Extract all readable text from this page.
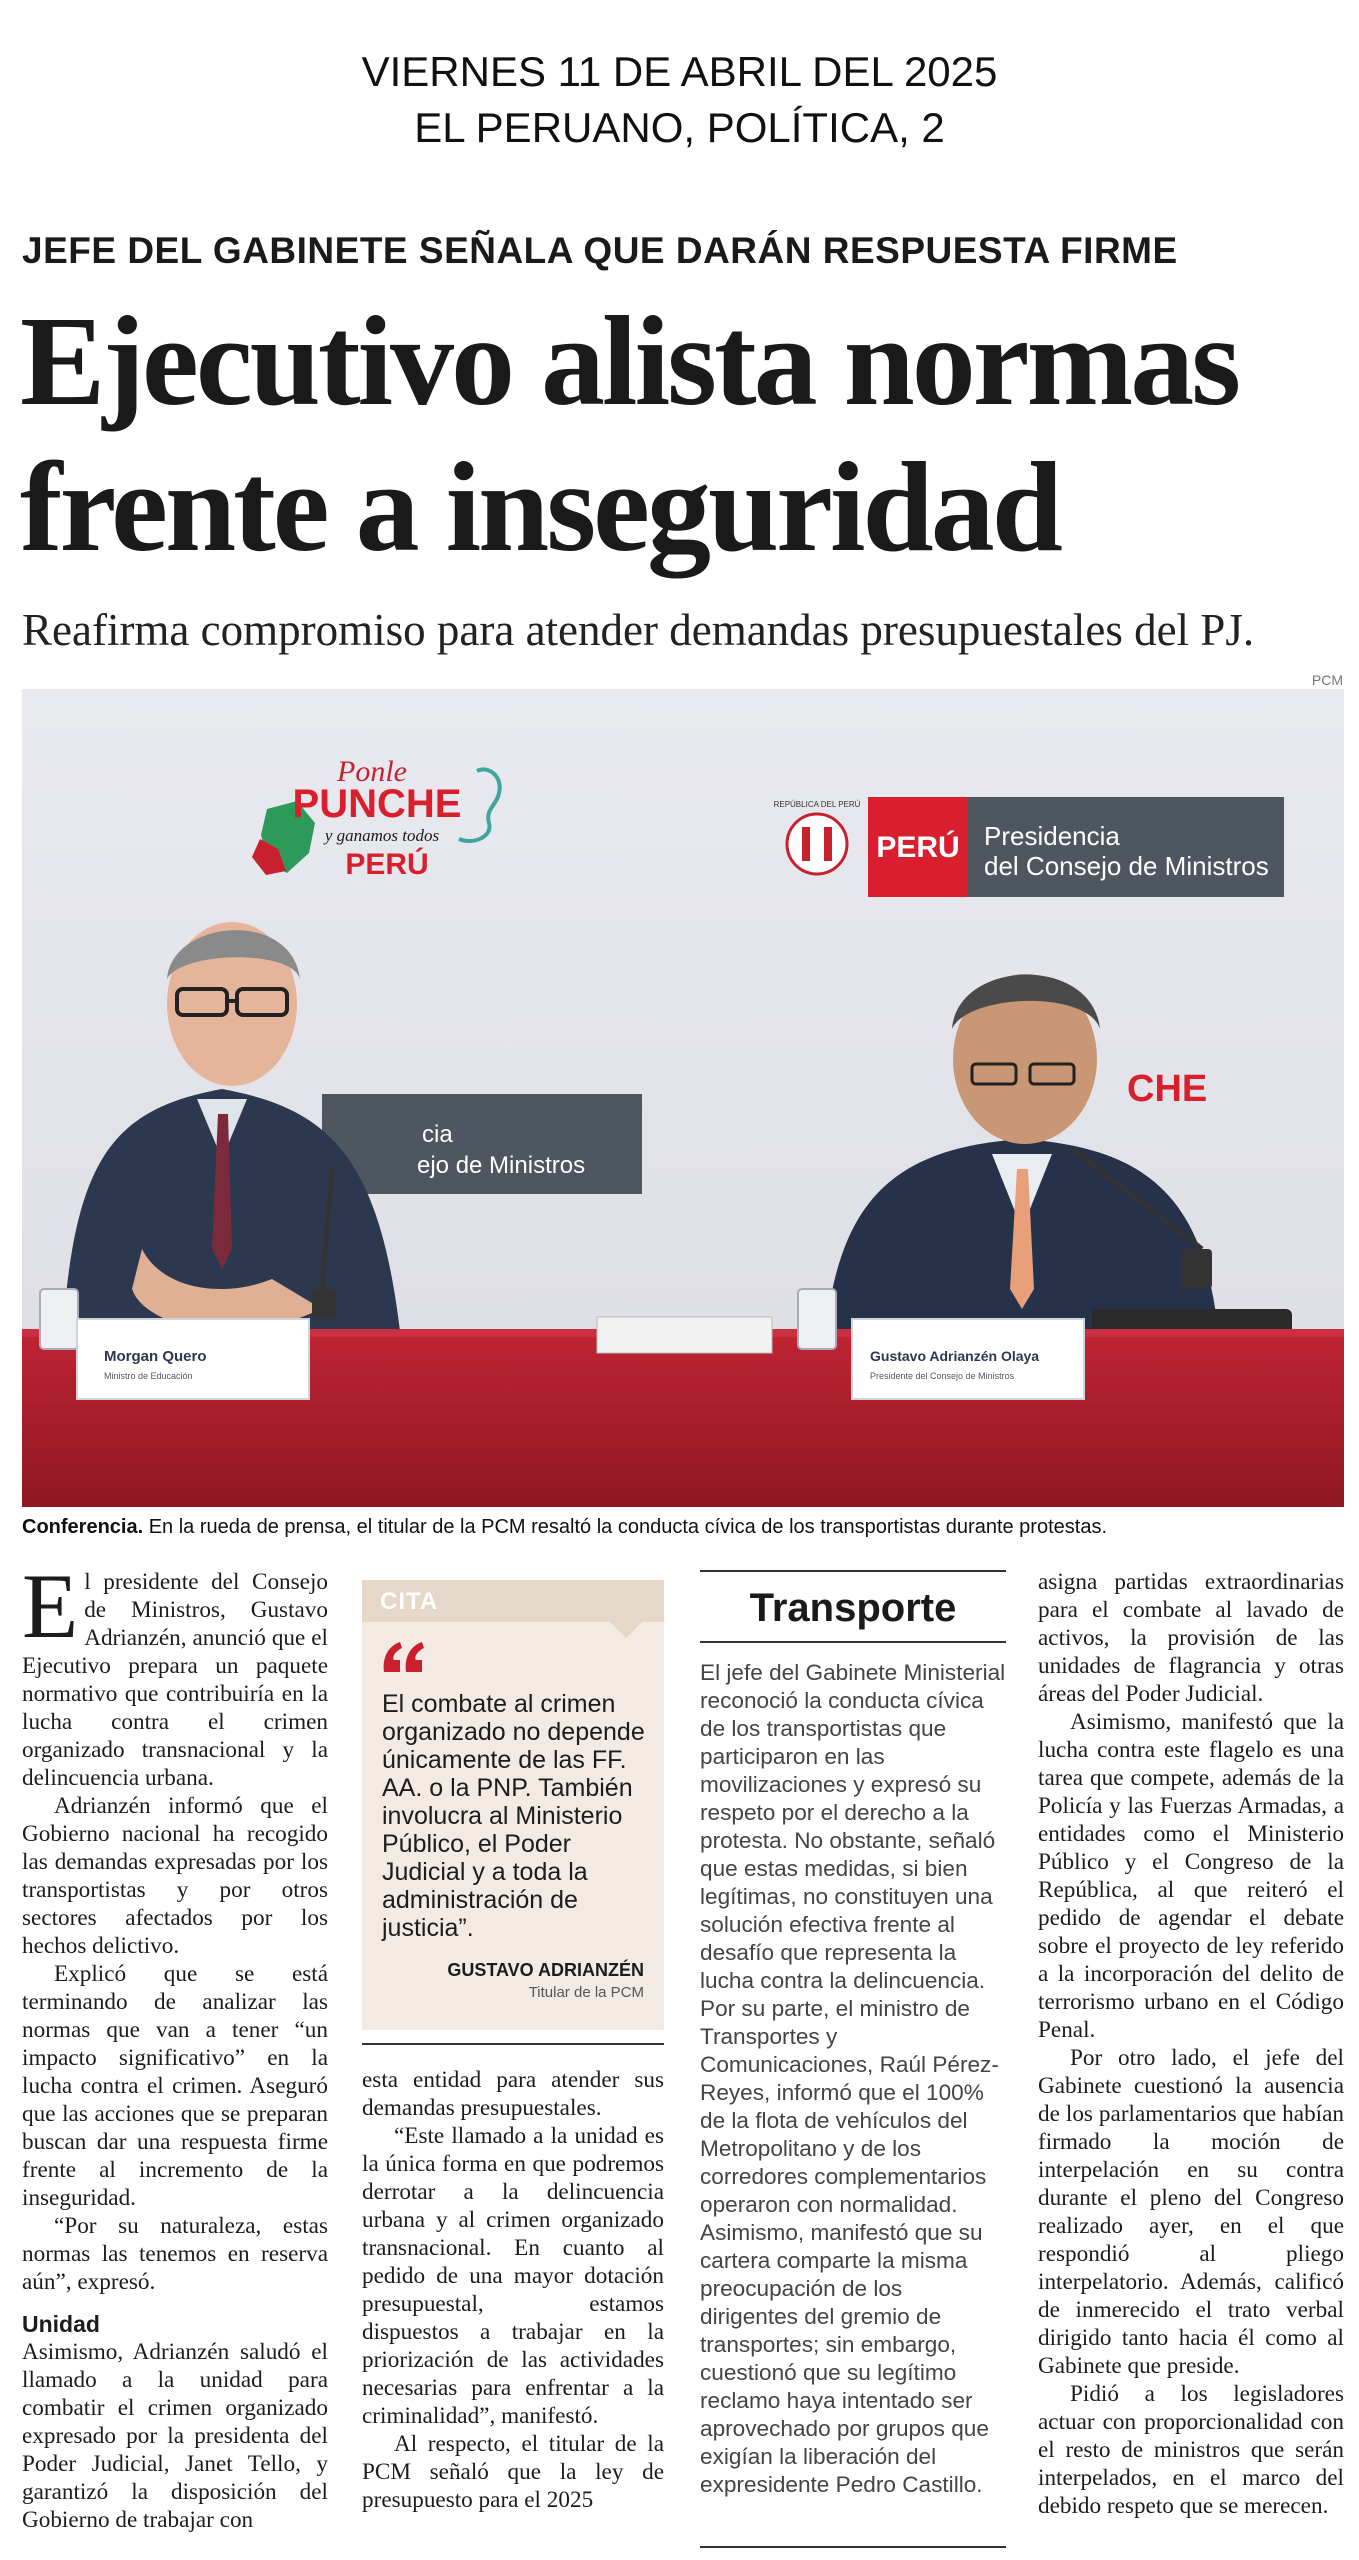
VIERNES 11 DE ABRIL DEL 2025
EL PERUANO, POLÍTICA, 2
JEFE DEL GABINETE SEÑALA QUE DARÁN RESPUESTA FIRME
Ejecutivo alista normas
frente a inseguridad
Reafirma compromiso para atender demandas presupuestales del PJ.
PCM
Ponle
PUNCHE
y ganamos todos
PERÚ
REPÚBLICA DEL PERÚ
PERÚ Presidencia
del Consejo de Ministros
cia
ejo de Ministros
CHE
Morgan Quero
Ministro de Educación
Gustavo Adrianzén Olaya
Presidente del Consejo de Ministros
Conferencia. En la rueda de prensa, el titular de la PCM resaltó la conducta cívica de los transportistas durante protestas.

El presidente del Consejo de Ministros, Gustavo Adrianzén, anunció que el Ejecutivo prepara un paquete normativo que contribuiría en la lucha contra el crimen organizado transnacional y la delincuencia urbana.

Adrianzén informó que el Gobierno nacional ha recogido las demandas expresadas por los transportistas y por otros sectores afectados por los hechos delictivo.

Explicó que se está terminando de analizar las normas que van a tener “un impacto significativo” en la lucha contra el crimen. Aseguró que las acciones que se preparan buscan dar una respuesta firme frente al incremento de la inseguridad.

“Por su naturaleza, estas normas las tenemos en reserva aún”, expresó.

Unidad

Asimismo, Adrianzén saludó el llamado a la unidad para combatir el crimen organizado expresado por la presidenta del Poder Judicial, Janet Tello, y garantizó la disposición del Gobierno de trabajar con

CITA
El combate al crimen organizado no depende únicamente de las FF. AA. o la PNP. También involucra al Ministerio Público, el Poder Judicial y a toda la administración de justicia”.
GUSTAVO ADRIANZÉN
Titular de la PCM

esta entidad para atender sus demandas presupuestales.

“Este llamado a la unidad es la única forma en que podremos derrotar a la delincuencia urbana y al crimen organizado transnacional. En cuanto al pedido de una mayor dotación presupuestal, estamos dispuestos a trabajar en la priorización de las actividades necesarias para enfrentar a la criminalidad”, manifestó.

Al respecto, el titular de la PCM señaló que la ley de presupuesto para el 2025

Transporte
El jefe del Gabinete Ministerial reconoció la conducta cívica de los transportistas que participaron en las movilizaciones y expresó su respeto por el derecho a la protesta. No obstante, señaló que estas medidas, si bien legítimas, no constituyen una solución efectiva frente al desafío que representa la lucha contra la delincuencia. Por su parte, el ministro de Transportes y Comunicaciones, Raúl Pérez-Reyes, informó que el 100% de la flota de vehículos del Metropolitano y de los corredores complementarios operaron con normalidad. Asimismo, manifestó que su cartera comparte la misma preocupación de los dirigentes del gremio de transportes; sin embargo, cuestionó que su legítimo reclamo haya intentado ser aprovechado por grupos que exigían la liberación del expresidente Pedro Castillo.

asigna partidas extraordinarias para el combate al lavado de activos, la provisión de las unidades de flagrancia y otras áreas del Poder Judicial.

Asimismo, manifestó que la lucha contra este flagelo es una tarea que compete, además de la Policía y las Fuerzas Armadas, a entidades como el Ministerio Público y el Congreso de la República, al que reiteró el pedido de agendar el debate sobre el proyecto de ley referido a la incorporación del delito de terrorismo urbano en el Código Penal.

Por otro lado, el jefe del Gabinete cuestionó la ausencia de los parlamentarios que habían firmado la moción de interpelación en su contra durante el pleno del Congreso realizado ayer, en el que respondió al pliego interpelatorio. Además, calificó de inmerecido el trato verbal dirigido tanto hacia él como al Gabinete que preside.

Pidió a los legisladores actuar con proporcionalidad con el resto de ministros que serán interpelados, en el marco del debido respeto que se merecen.
